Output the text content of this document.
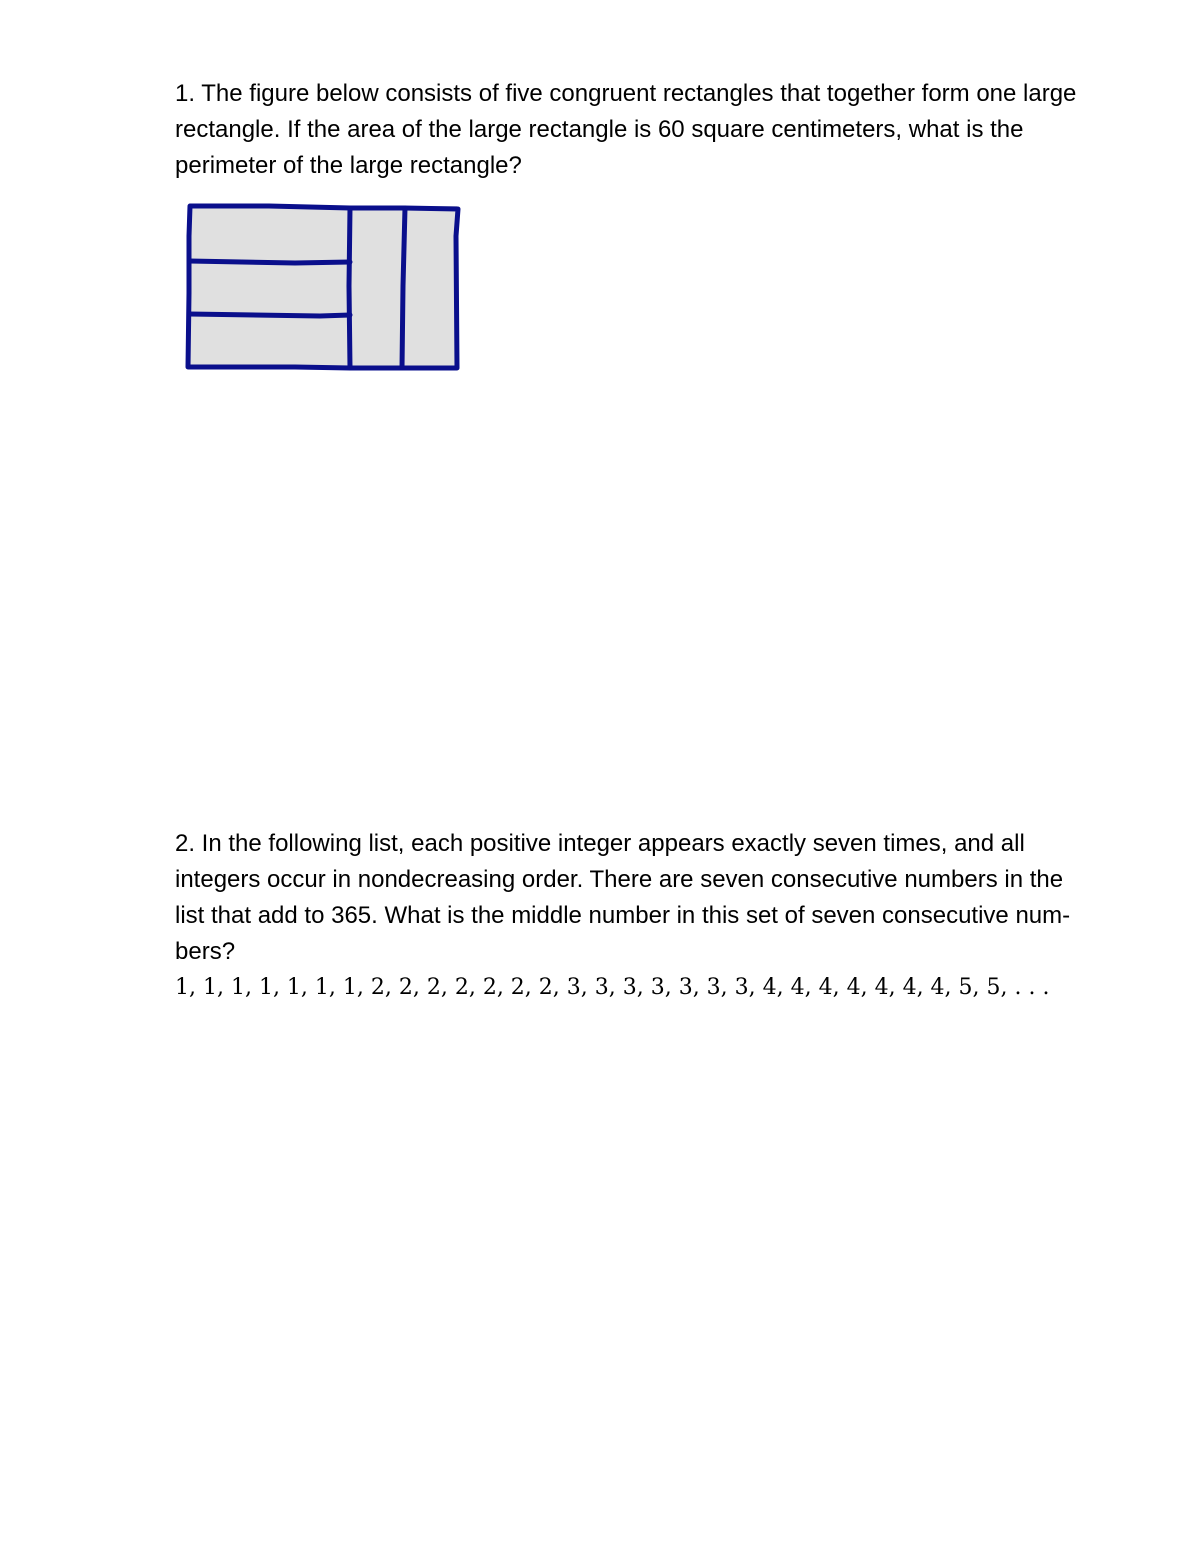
1. The figure below consists of five congruent rectangles that together form one large
rectangle. If the area of the large rectangle is 60 square centimeters, what is the
perimeter of the large rectangle?

2. In the following list, each positive integer appears exactly seven times, and all
integers occur in nondecreasing order. There are seven consecutive numbers in the
list that add to 365. What is the middle number in this set of seven consecutive num-
bers?

1, 1, 1, 1, 1, 1, 1, 2, 2, 2, 2, 2, 2, 2, 3, 3, 3, 3, 3, 3, 3, 4, 4, 4, 4, 4, 4, 4, 5, 5, . . .
